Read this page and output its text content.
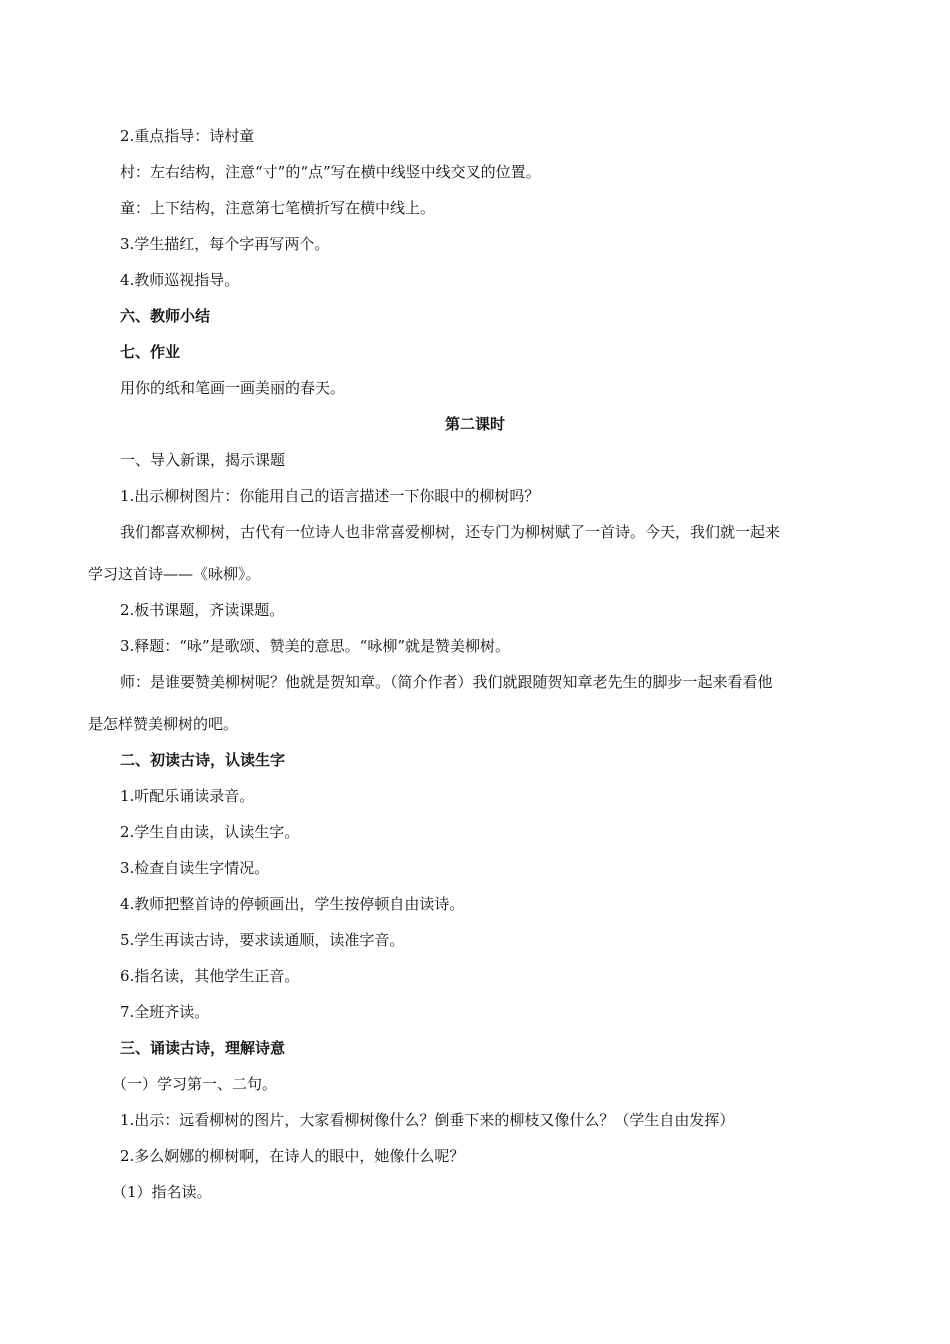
2.重点指导：诗村童

村：左右结构，注意“寸”的“点”写在横中线竖中线交叉的位置。

童：上下结构，注意第七笔横折写在横中线上。

3.学生描红，每个字再写两个。

4.教师巡视指导。

六、教师小结

七、作业

用你的纸和笔画一画美丽的春天。

第二课时

一、导入新课，揭示课题

1.出示柳树图片：你能用自己的语言描述一下你眼中的柳树吗？

我们都喜欢柳树，古代有一位诗人也非常喜爱柳树，还专门为柳树赋了一首诗。今天，我们就一起来

学习这首诗——《咏柳》。

2.板书课题，齐读课题。

3.释题：“咏”是歌颂、赞美的意思。“咏柳”就是赞美柳树。

师：是谁要赞美柳树呢？他就是贺知章。（简介作者）我们就跟随贺知章老先生的脚步一起来看看他

是怎样赞美柳树的吧。

二、初读古诗，认读生字

1.听配乐诵读录音。

2.学生自由读，认读生字。

3.检查自读生字情况。

4.教师把整首诗的停顿画出，学生按停顿自由读诗。

5.学生再读古诗，要求读通顺，读准字音。

6.指名读，其他学生正音。

7.全班齐读。

三、诵读古诗，理解诗意

（一）学习第一、二句。

1.出示：远看柳树的图片，大家看柳树像什么？倒垂下来的柳枝又像什么？（学生自由发挥）

2.多么婀娜的柳树啊，在诗人的眼中，她像什么呢？

（1）指名读。
